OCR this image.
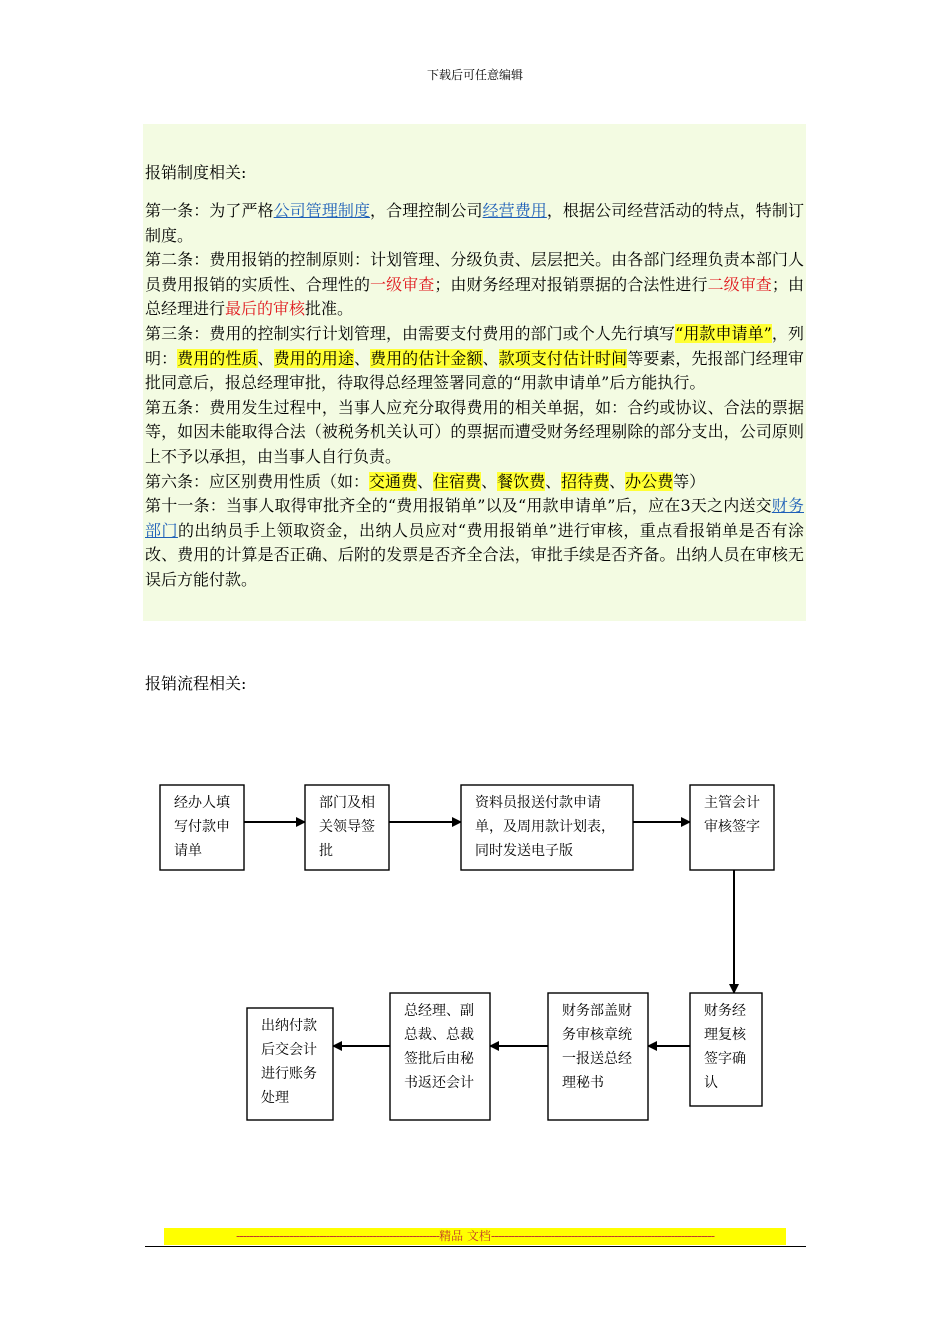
下载后可任意编辑
报销制度相关:

第一条：为了严格公司管理制度，合理控制公司经营费用，根据公司经营活动的特点，特制订制度。

第二条：费用报销的控制原则：计划管理、分级负责、层层把关。由各部门经理负责本部门人员费用报销的实质性、合理性的一级审查；由财务经理对报销票据的合法性进行二级审查；由总经理进行最后的审核批准。

第三条：费用的控制实行计划管理，由需要支付费用的部门或个人先行填写“用款申请单”，列明：费用的性质、费用的用途、费用的估计金额、款项支付估计时间等要素，先报部门经理审批同意后，报总经理审批，待取得总经理签署同意的“用款申请单”后方能执行。

第五条：费用发生过程中，当事人应充分取得费用的相关单据，如：合约或协议、合法的票据等，如因未能取得合法（被税务机关认可）的票据而遭受财务经理剔除的部分支出，公司原则上不予以承担，由当事人自行负责。

第六条：应区别费用性质（如：交通费、住宿费、餐饮费、招待费、办公费等）

第十一条：当事人取得审批齐全的“费用报销单”以及“用款申请单”后，应在3天之内送交财务部门的出纳员手上领取资金，出纳人员应对“费用报销单”进行审核，重点看报销单是否有涂改、费用的计算是否正确、后附的发票是否齐全合法，审批手续是否齐备。出纳人员在审核无误后方能付款。

报销流程相关:
经办人填
写付款申
请单
部门及相
关领导签
批
资料员报送付款申请
单，及周用款计划表，
同时发送电子版
主管会计
审核签字
财务经
理复核
签字确
认
财务部盖财
务审核章统
一报送总经
理秘书
总经理、副
总裁、总裁
签批后由秘
书返还会计
出纳付款
后交会计
进行账务
处理
-------------------------------------------------------------精品 文档-------------------------------------------------------------------
